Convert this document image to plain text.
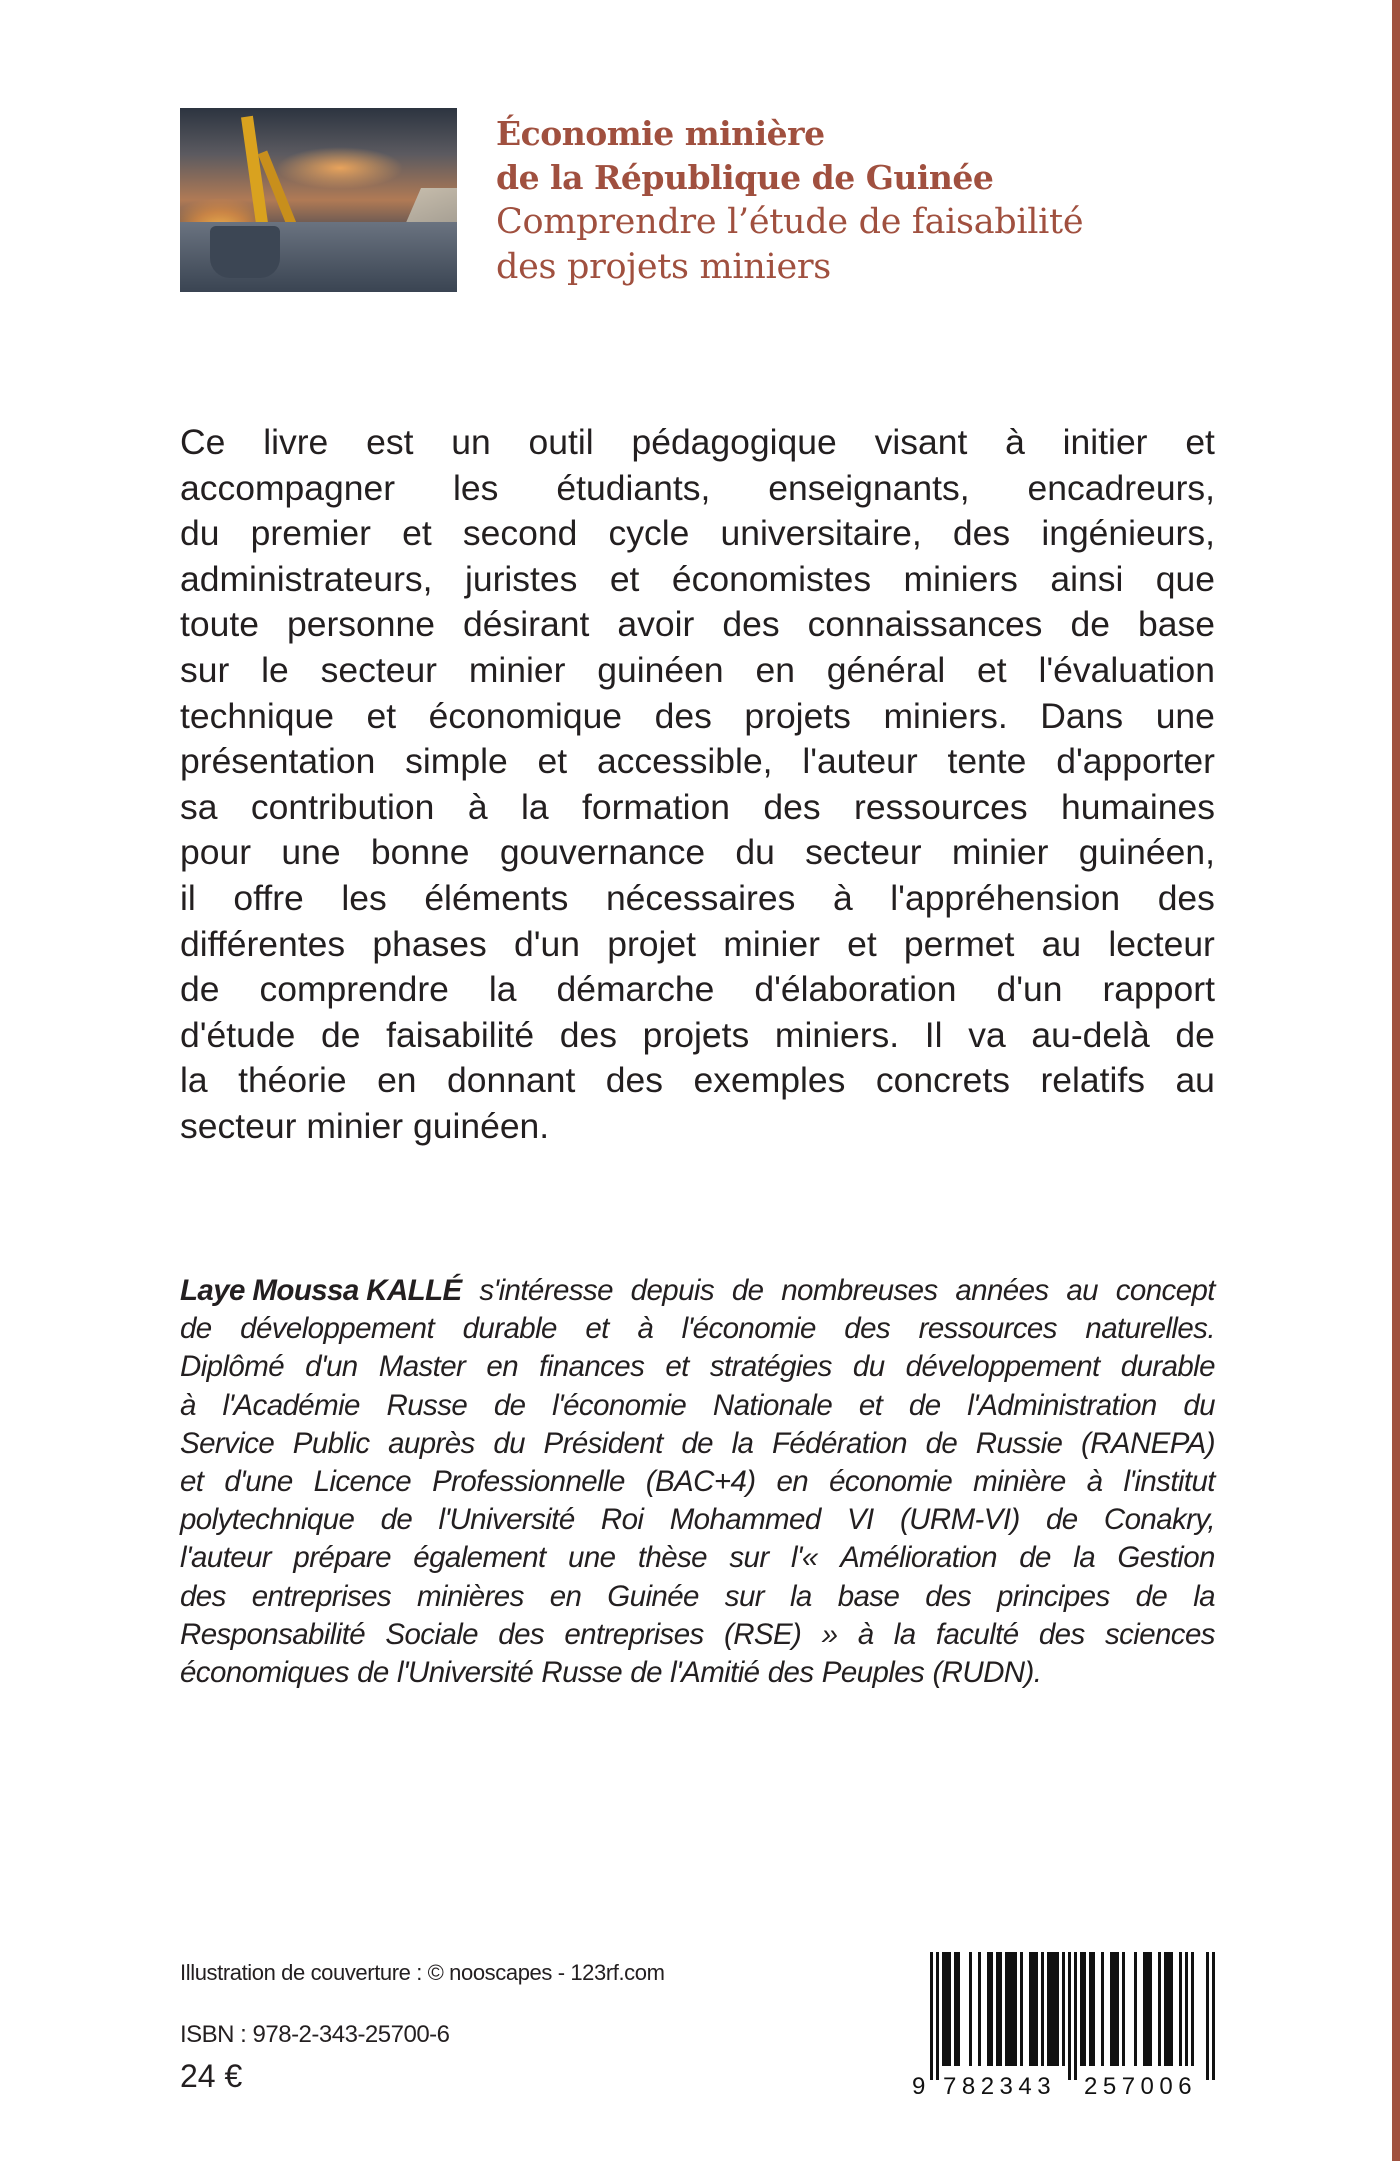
Économie minière
de la République de Guinée
Comprendre l’étude de faisabilité
des projets miniers
Ce livre est un outil pédagogique visant à initier et
accompagner les étudiants, enseignants, encadreurs,
du premier et second cycle universitaire, des ingénieurs,
administrateurs, juristes et économistes miniers ainsi que
toute personne désirant avoir des connaissances de base
sur le secteur minier guinéen en général et l'évaluation
technique et économique des projets miniers. Dans une
présentation simple et accessible, l'auteur tente d'apporter
sa contribution à la formation des ressources humaines
pour une bonne gouvernance du secteur minier guinéen,
il offre les éléments nécessaires à l'appréhension des
différentes phases d'un projet minier et permet au lecteur
de comprendre la démarche d'élaboration d'un rapport
d'étude de faisabilité des projets miniers. Il va au-delà de
la théorie en donnant des exemples concrets relatifs au
secteur minier guinéen.
Laye Moussa KALLÉ s'intéresse depuis de nombreuses années au concept
de développement durable et à l'économie des ressources naturelles.
Diplômé d'un Master en finances et stratégies du développement durable
à l'Académie Russe de l'économie Nationale et de l'Administration du
Service Public auprès du Président de la Fédération de Russie (RANEPA)
et d'une Licence Professionnelle (BAC+4) en économie minière à l'institut
polytechnique de l'Université Roi Mohammed VI (URM-VI) de Conakry,
l'auteur prépare également une thèse sur l'« Amélioration de la Gestion
des entreprises minières en Guinée sur la base des principes de la
Responsabilité Sociale des entreprises (RSE) » à la faculté des sciences
économiques de l'Université Russe de l'Amitié des Peuples (RUDN).
Illustration de couverture : © nooscapes - 123rf.com
ISBN : 978-2-343-25700-6
24 €	9 782343 257006
